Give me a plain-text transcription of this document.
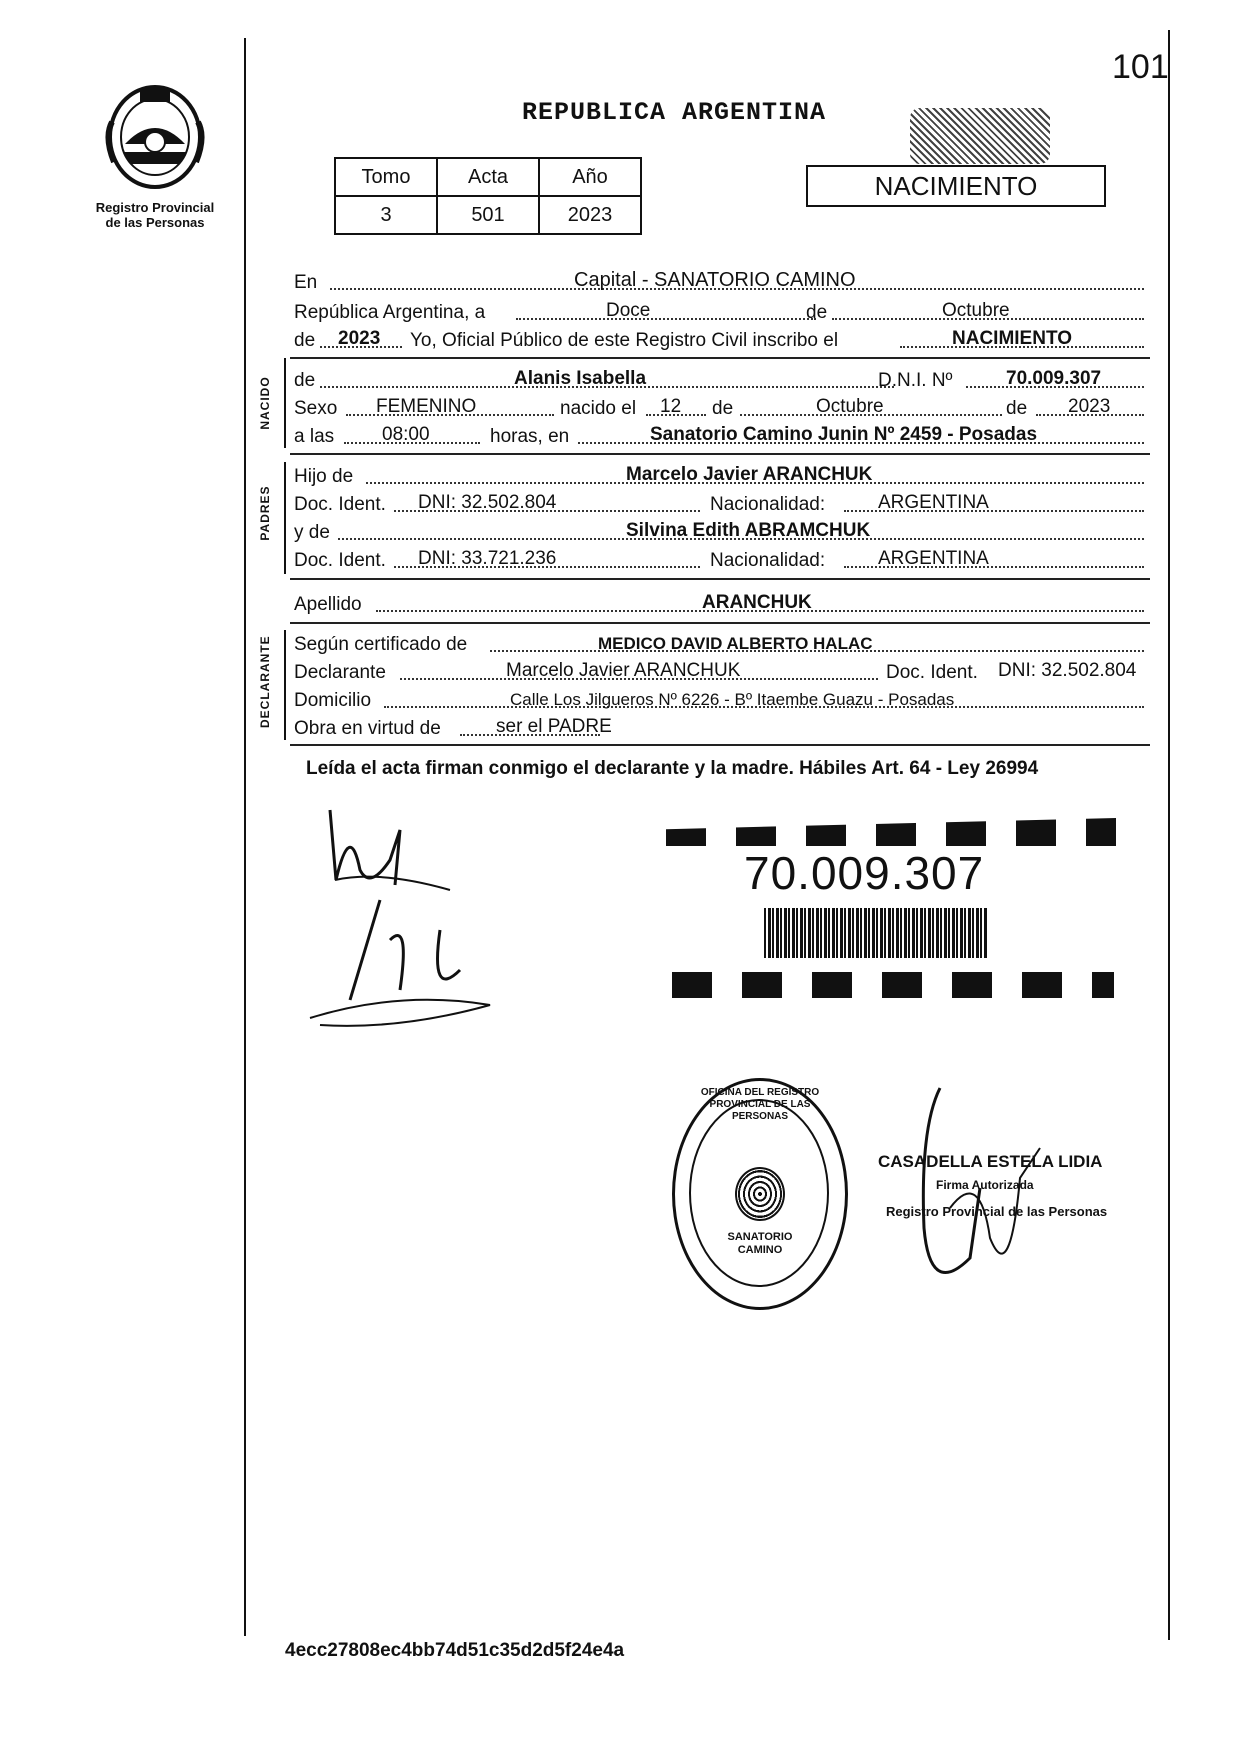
101
Registro Provincial de las Personas
REPUBLICA ARGENTINA
NACIMIENTO
Tomo	Acta	Año
3	501	2023
NACIDO
PADRES
DECLARANTE
En	Capital - SANATORIO CAMINO
República Argentina, a	Doce	de	Octubre
de 2023 Yo, Oficial Público de este Registro Civil inscribo el	NACIMIENTO
de	Alanis Isabella	D.N.I. Nº	70.009.307
Sexo FEMENINO	nacido el 12 de	Octubre	de 2023
a las	08:00	horas, en	Sanatorio Camino Junin Nº 2459 - Posadas
Hijo de	Marcelo Javier ARANCHUK
Doc. Ident. DNI: 32.502.804	Nacionalidad:	ARGENTINA
y de	Silvina Edith ABRAMCHUK
Doc. Ident. DNI: 33.721.236	Nacionalidad:	ARGENTINA
Apellido	ARANCHUK
Según certificado de	MEDICO DAVID ALBERTO HALAC
Declarante	Marcelo Javier ARANCHUK	Doc. Ident. DNI: 32.502.804
Domicilio	Calle Los Jilgueros Nº 6226 - Bº Itaembe Guazu - Posadas
Obra en virtud de	ser el PADRE
Leída el acta firman conmigo el declarante y la madre. Hábiles Art. 64 - Ley 26994
70.009.307
OFICINA DEL REGISTRO PROVINCIAL DE LAS PERSONAS
SANATORIO CAMINO
CASADELLA ESTELA LIDIA
Firma Autorizada
Registro Provincial de las Personas
4ecc27808ec4bb74d51c35d2d5f24e4a
